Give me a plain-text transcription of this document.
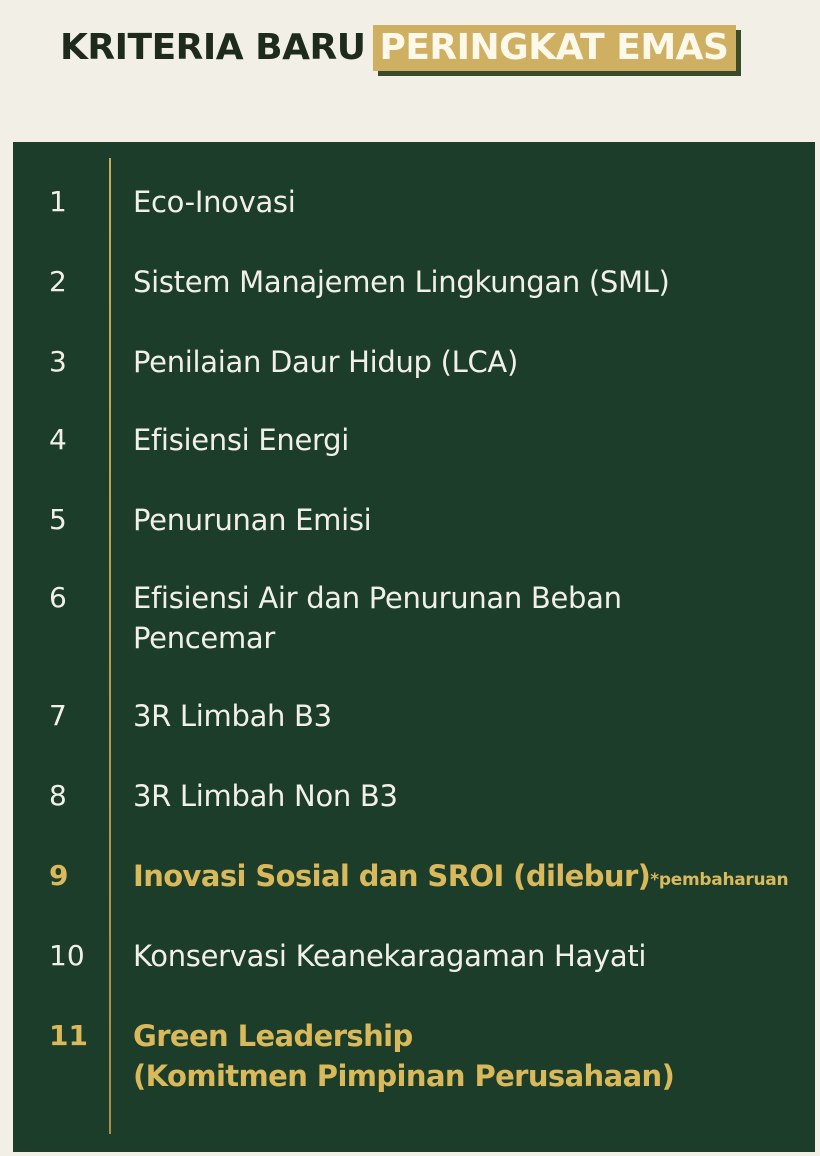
KRITERIA BARU PERINGKAT EMAS
1 Eco-Inovasi
2 Sistem Manajemen Lingkungan (SML)
3 Penilaian Daur Hidup (LCA)
4 Efisiensi Energi
5 Penurunan Emisi
6 Efisiensi Air dan Penurunan Beban
Pencemar
7 3R Limbah B3
8 3R Limbah Non B3
9 Inovasi Sosial dan SROI (dilebur)*pembaharuan
10 Konservasi Keanekaragaman Hayati
11 Green Leadership
(Komitmen Pimpinan Perusahaan)
